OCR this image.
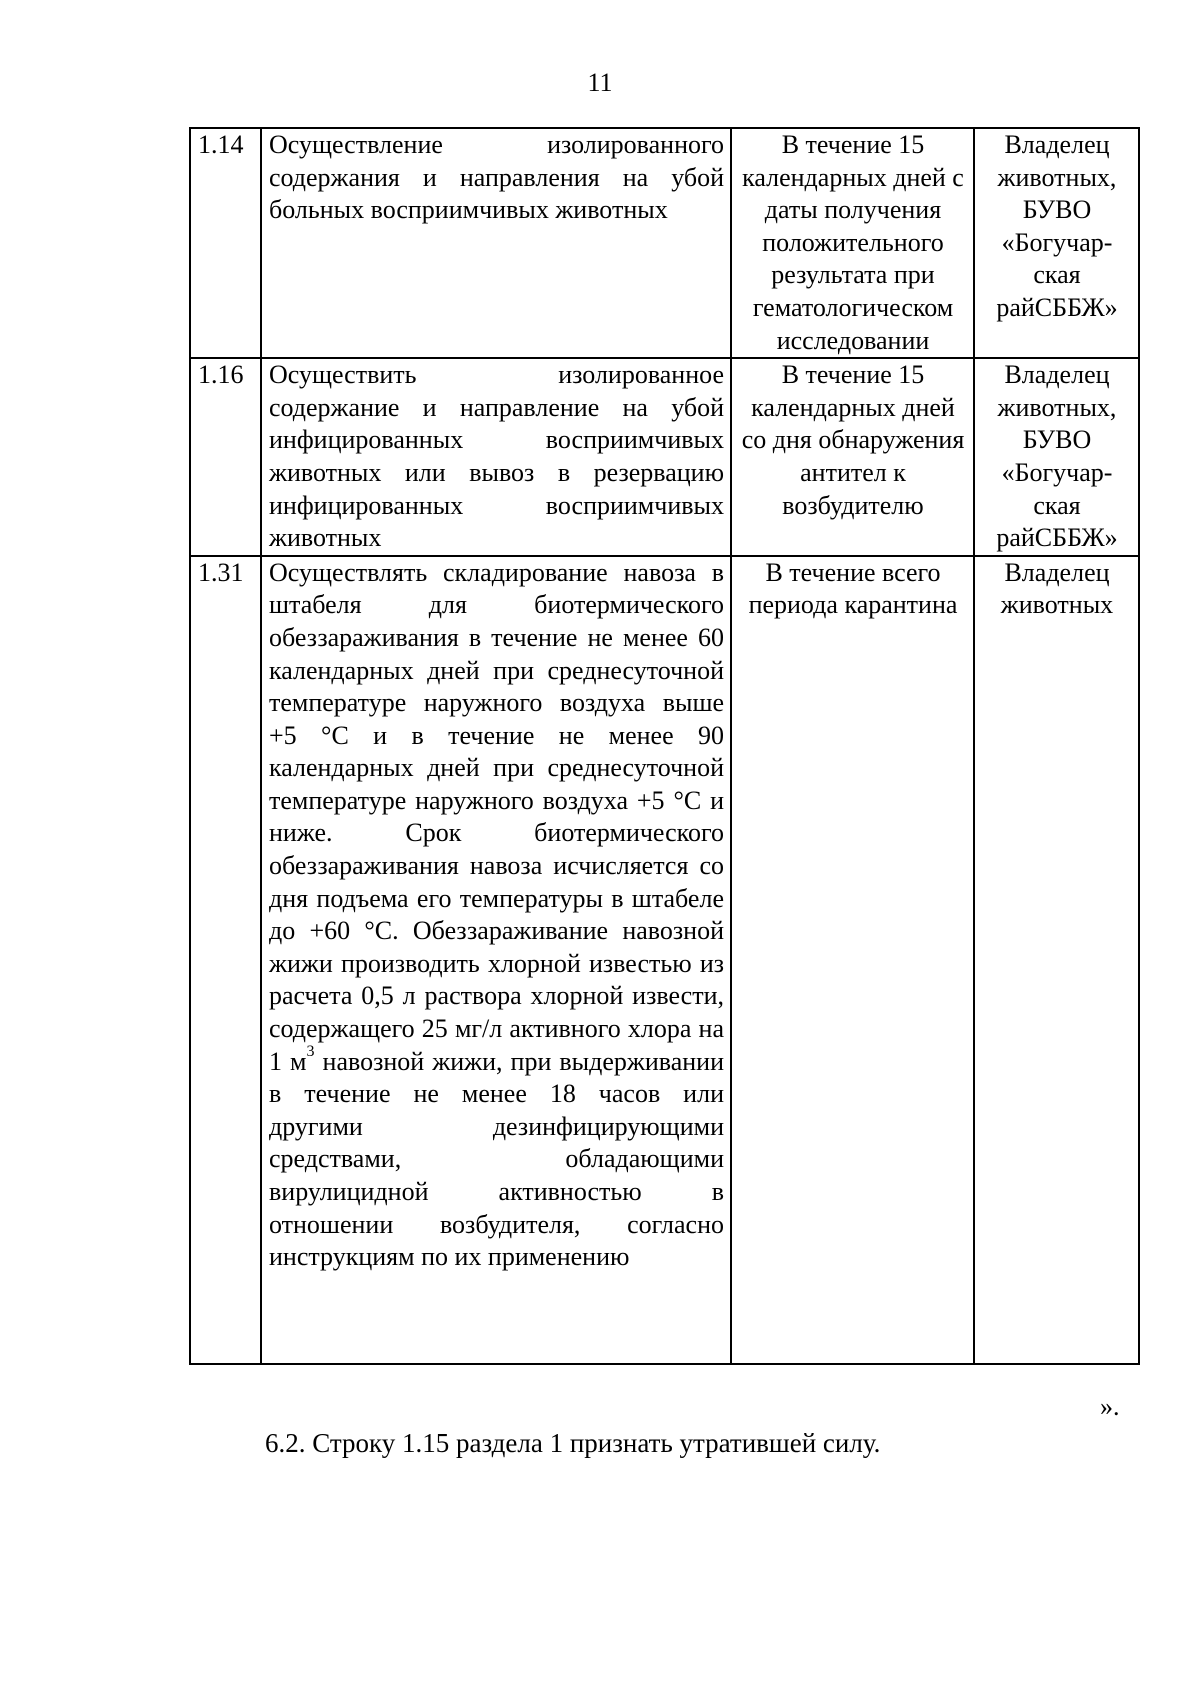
11
1.14	Осуществление изолированного содержания и направления на убой больных восприимчивых животных	В течение 15 календарных дней с даты получения положительного результата при гематологическом исследовании	Владелец животных, БУВО «Богучар-ская райСББЖ»
1.16	Осуществить изолированное содержание и направление на убой инфицированных восприимчивых животных или вывоз в резервацию инфицированных восприимчивых животных	В течение 15 календарных дней со дня обнаружения антител к возбудителю	Владелец животных, БУВО «Богучар-ская райСББЖ»
1.31	Осуществлять складирование навоза в штабеля для биотермического обеззараживания в течение не менее 60 календарных дней при среднесуточной температуре наружного воздуха выше +5 °С и в течение не менее 90 календарных дней при среднесуточной температуре наружного воздуха +5 °С и ниже. Срок биотермического обеззараживания навоза исчисляется со дня подъема его температуры в штабеле до +60 °С. Обеззараживание навозной жижи производить хлорной известью из расчета 0,5 л раствора хлорной извести, содержащего 25 мг/л активного хлора на 1 $м^3$ навозной жижи, при выдерживании в течение не менее 18 часов или другими дезинфицирующими средствами, обладающими вирулицидной активностью в отношении возбудителя, согласно инструкциям по их применению	В течение всего периода карантина	Владелец животных
».
6.2. Строку 1.15 раздела 1 признать утратившей силу.
